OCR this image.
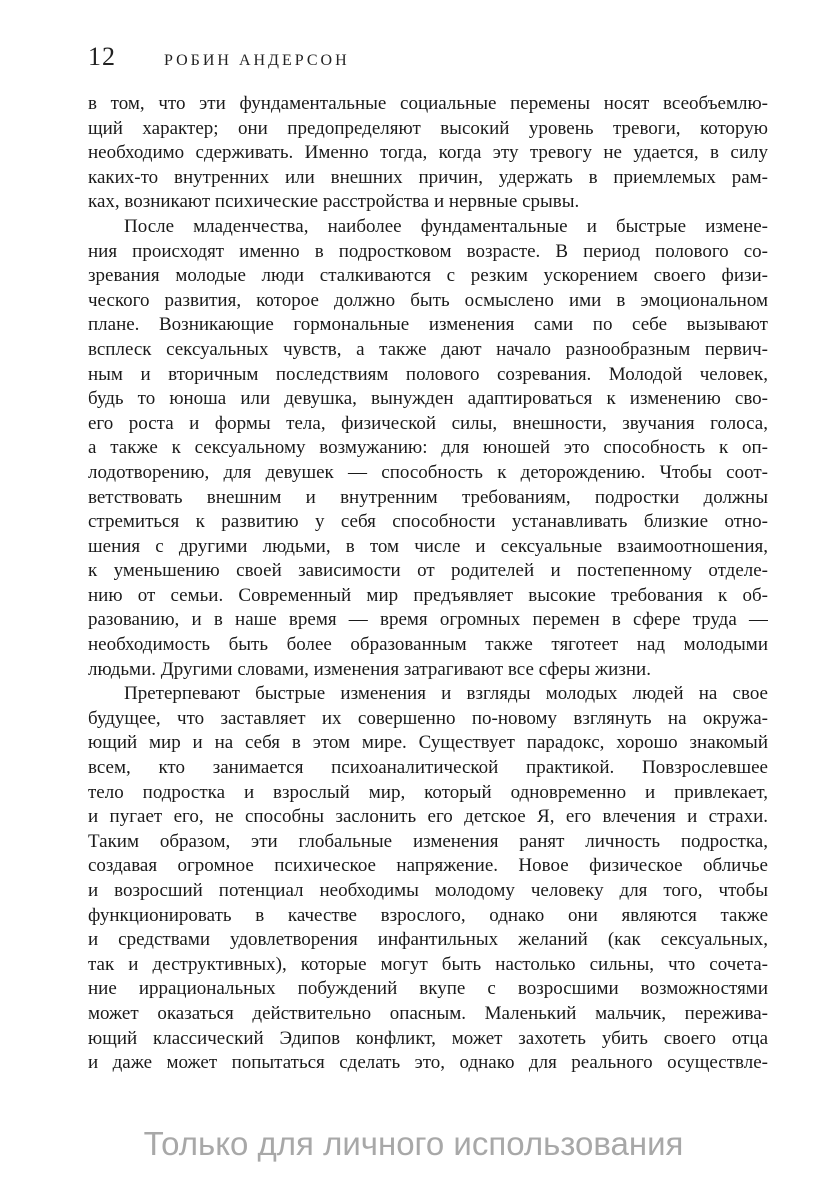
12	РОБИН АНДЕРСОН
в том, что эти фундаментальные социальные перемены носят всеобъемлю-
щий характер; они предопределяют высокий уровень тревоги, которую
необходимо сдерживать. Именно тогда, когда эту тревогу не удается, в силу
каких-то внутренних или внешних причин, удержать в приемлемых рам-
ках, возникают психические расстройства и нервные срывы.
После младенчества, наиболее фундаментальные и быстрые измене-
ния происходят именно в подростковом возрасте. В период полового со-
зревания молодые люди сталкиваются с резким ускорением своего физи-
ческого развития, которое должно быть осмыслено ими в эмоциональном
плане. Возникающие гормональные изменения сами по себе вызывают
всплеск сексуальных чувств, а также дают начало разнообразным первич-
ным и вторичным последствиям полового созревания. Молодой человек,
будь то юноша или девушка, вынужден адаптироваться к изменению сво-
его роста и формы тела, физической силы, внешности, звучания голоса,
а также к сексуальному возмужанию: для юношей это способность к оп-
лодотворению, для девушек — способность к деторождению. Чтобы соот-
ветствовать внешним и внутренним требованиям, подростки должны
стремиться к развитию у себя способности устанавливать близкие отно-
шения с другими людьми, в том числе и сексуальные взаимоотношения,
к уменьшению своей зависимости от родителей и постепенному отделе-
нию от семьи. Современный мир предъявляет высокие требования к об-
разованию, и в наше время — время огромных перемен в сфере труда —
необходимость быть более образованным также тяготеет над молодыми
людьми. Другими словами, изменения затрагивают все сферы жизни.
Претерпевают быстрые изменения и взгляды молодых людей на свое
будущее, что заставляет их совершенно по-новому взглянуть на окружа-
ющий мир и на себя в этом мире. Существует парадокс, хорошо знакомый
всем, кто занимается психоаналитической практикой. Повзрослевшее
тело подростка и взрослый мир, который одновременно и привлекает,
и пугает его, не способны заслонить его детское Я, его влечения и страхи.
Таким образом, эти глобальные изменения ранят личность подростка,
создавая огромное психическое напряжение. Новое физическое обличье
и возросший потенциал необходимы молодому человеку для того, чтобы
функционировать в качестве взрослого, однако они являются также
и средствами удовлетворения инфантильных желаний (как сексуальных,
так и деструктивных), которые могут быть настолько сильны, что сочета-
ние иррациональных побуждений вкупе с возросшими возможностями
может оказаться действительно опасным. Маленький мальчик, пережива-
ющий классический Эдипов конфликт, может захотеть убить своего отца
и даже может попытаться сделать это, однако для реального осуществле-
Только для личного использования
